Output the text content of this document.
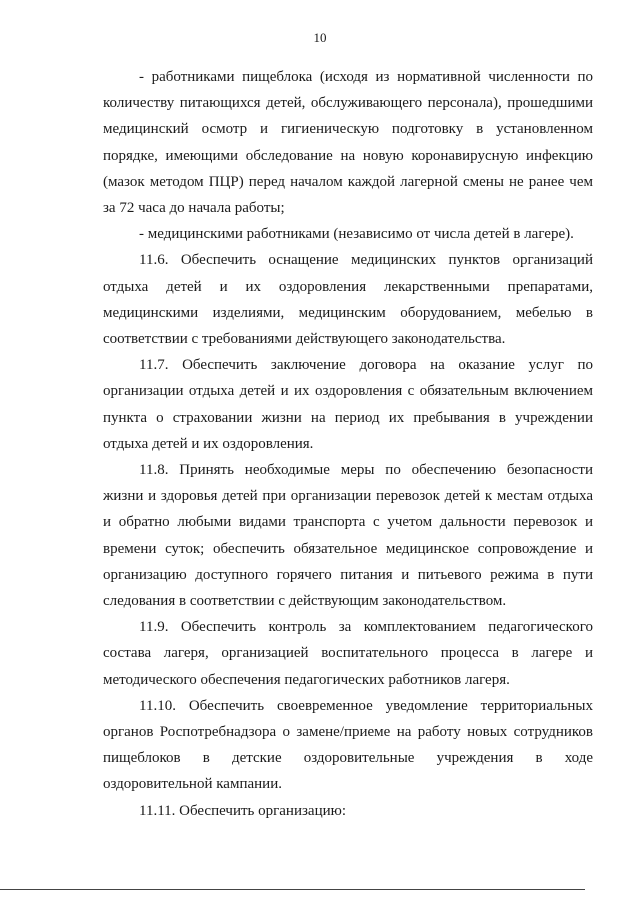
10

- работниками пищеблока (исходя из нормативной численности по количеству питающихся детей, обслуживающего персонала), прошедшими медицинский осмотр и гигиеническую подготовку в установленном порядке, имеющими обследование на новую коронавирусную инфекцию (мазок методом ПЦР) перед началом каждой лагерной смены не ранее чем за 72 часа до начала работы;

- медицинскими работниками (независимо от числа детей в лагере).

11.6. Обеспечить оснащение медицинских пунктов организаций отдыха детей и их оздоровления лекарственными препаратами, медицинскими изделиями, медицинским оборудованием, мебелью в соответствии с требованиями действующего законодательства.

11.7. Обеспечить заключение договора на оказание услуг по организации отдыха детей и их оздоровления с обязательным включением пункта о страховании жизни на период их пребывания в учреждении отдыха детей и их оздоровления.

11.8. Принять необходимые меры по обеспечению безопасности жизни и здоровья детей при организации перевозок детей к местам отдыха и обратно любыми видами транспорта с учетом дальности перевозок и времени суток; обеспечить обязательное медицинское сопровождение и организацию доступного горячего питания и питьевого режима в пути следования в соответствии с действующим законодательством.

11.9. Обеспечить контроль за комплектованием педагогического состава лагеря, организацией воспитательного процесса в лагере и методического обеспечения педагогических работников лагеря.

11.10. Обеспечить своевременное уведомление территориальных органов Роспотребнадзора о замене/приеме на работу новых сотрудников пищеблоков в детские оздоровительные учреждения в ходе оздоровительной кампании.

11.11. Обеспечить организацию:
